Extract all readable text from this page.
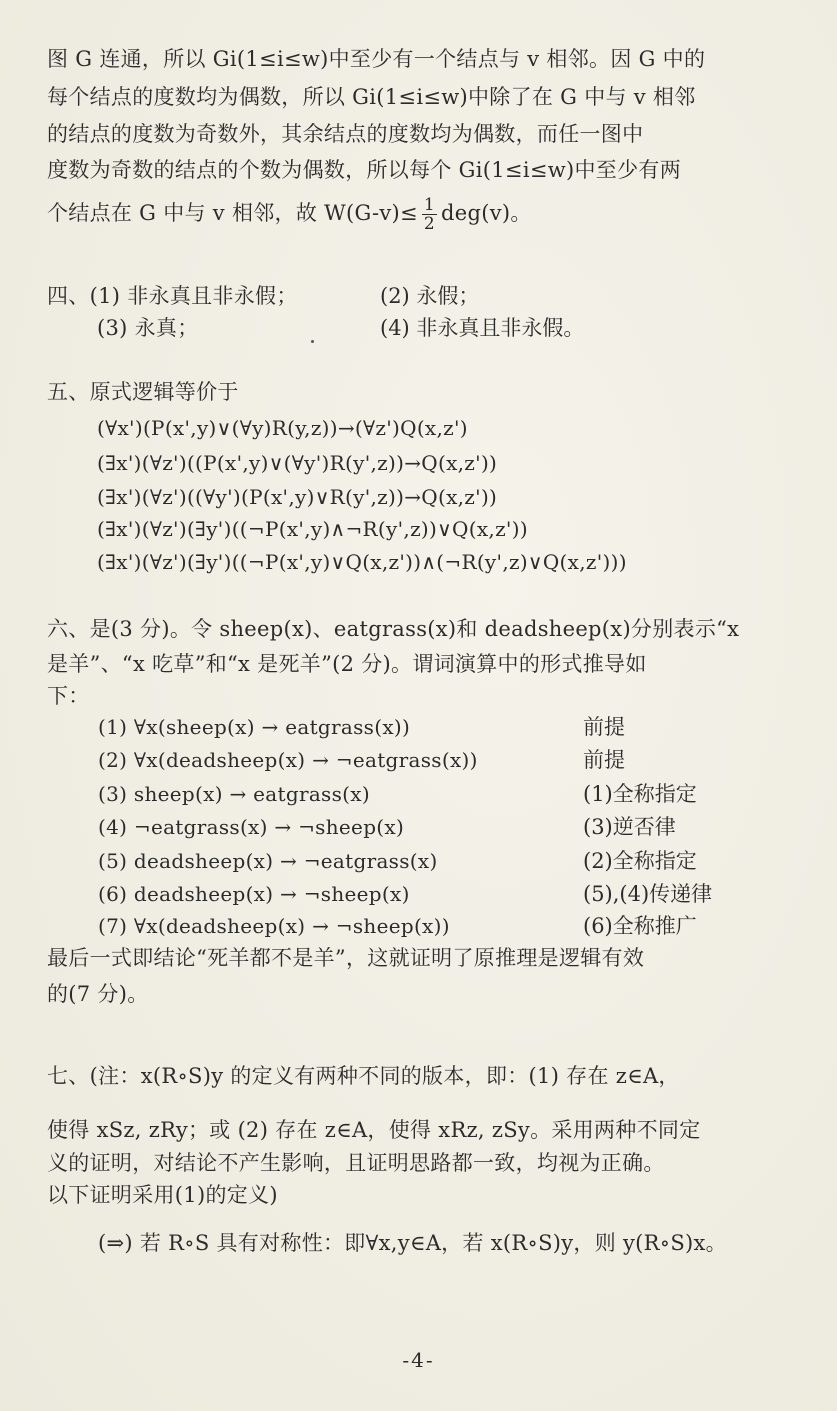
图 G 连通，所以 Gi(1≤i≤w)中至少有一个结点与 v 相邻。因 G 中的
每个结点的度数均为偶数，所以 Gi(1≤i≤w)中除了在 G 中与 v 相邻
的结点的度数为奇数外，其余结点的度数均为偶数，而任一图中
度数为奇数的结点的个数为偶数，所以每个 Gi(1≤i≤w)中至少有两
个结点在 G 中与 v 相邻，故 $W(G-v)\le \frac{1}{2} deg(v)$。
四、(1) 非永真且非永假；	(2) 永假；
(3) 永真；	(4) 非永真且非永假。
五、原式逻辑等价于
(∀x')(P(x',y)∨(∀y)R(y,z))→(∀z')Q(x,z')
(∃x')(∀z')((P(x',y)∨(∀y')R(y',z))→Q(x,z'))
(∃x')(∀z')((∀y')(P(x',y)∨R(y',z))→Q(x,z'))
(∃x')(∀z')(∃y')((¬P(x',y)∧¬R(y',z))∨Q(x,z'))
(∃x')(∀z')(∃y')((¬P(x',y)∨Q(x,z'))∧(¬R(y',z)∨Q(x,z')))
六、是(3 分)。令 sheep(x)、eatgrass(x)和 deadsheep(x)分别表示“x
是羊”、“x 吃草”和“x 是死羊”(2 分)。谓词演算中的形式推导如
下：
(1) ∀x(sheep(x) → eatgrass(x))	前提
(2) ∀x(deadsheep(x) → ¬eatgrass(x))	前提
(3) sheep(x) → eatgrass(x)	(1)全称指定
(4) ¬eatgrass(x) → ¬sheep(x)	(3)逆否律
(5) deadsheep(x) → ¬eatgrass(x)	(2)全称指定
(6) deadsheep(x) → ¬sheep(x)	(5),(4)传递律
(7) ∀x(deadsheep(x) → ¬sheep(x))	(6)全称推广
最后一式即结论“死羊都不是羊”，这就证明了原推理是逻辑有效
的(7 分)。
七、(注：x(R∘S)y 的定义有两种不同的版本，即：(1) 存在 z∈A，
使得 xSz, zRy；或 (2) 存在 z∈A，使得 xRz, zSy。采用两种不同定
义的证明，对结论不产生影响，且证明思路都一致，均视为正确。
以下证明采用(1)的定义)
(⇒) 若 R∘S 具有对称性：即∀x,y∈A，若 x(R∘S)y，则 y(R∘S)x。
-4-
